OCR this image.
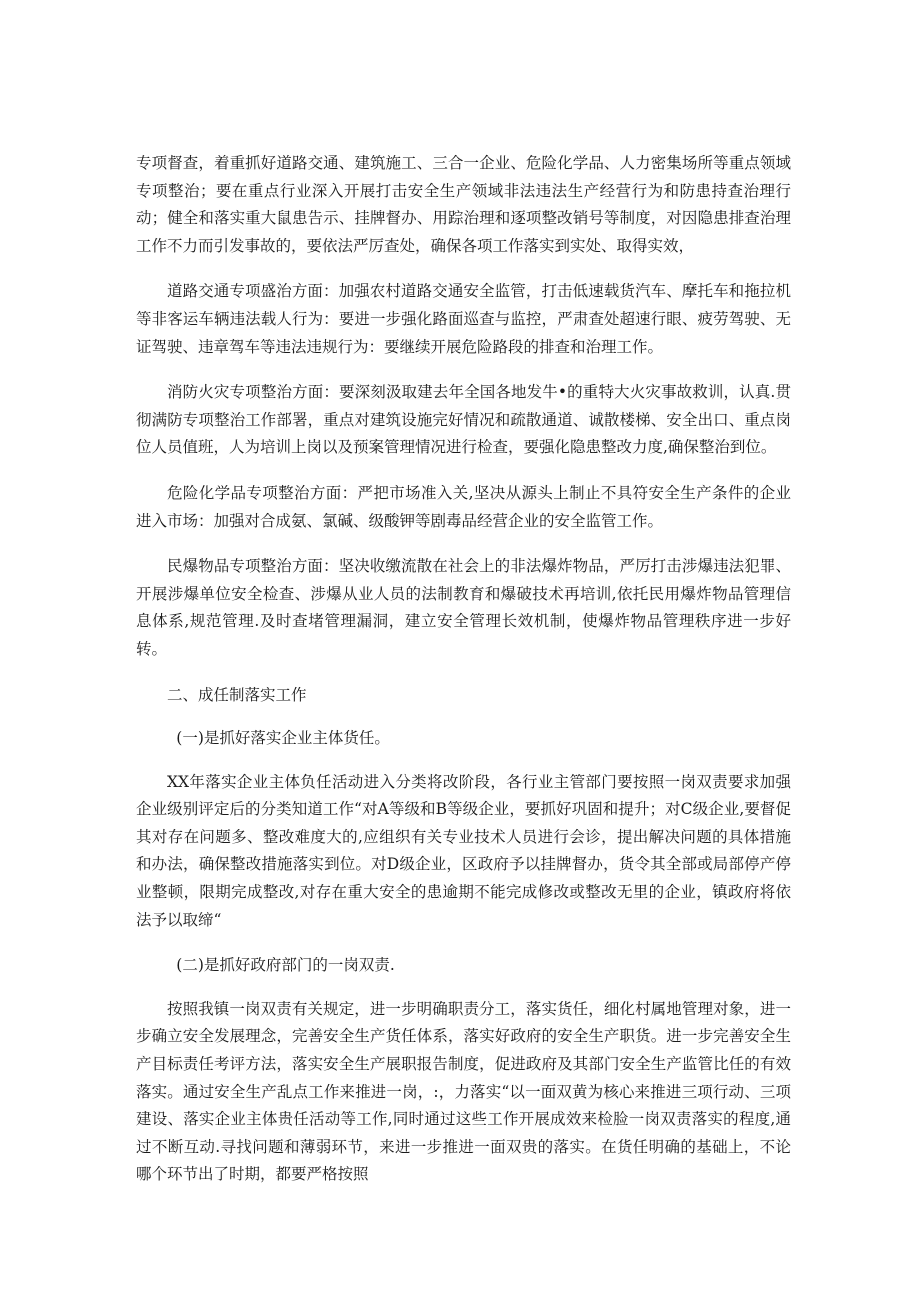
专项督查，着重抓好道路交通、建筑施工、三合一企业、危险化学品、人力密集场所等重点领域专项整治；要在重点行业深入开展打击安全生产领域非法违法生产经营行为和防患持查治理行动；健全和落实重大鼠患告示、挂牌督办、用踪治理和逐项整改销号等制度，对因隐患排查治理工作不力而引发事故的，要依法严厉查处，确保各项工作落实到实处、取得实效，

道路交通专项盛治方面：加强农村道路交通安全监管，打击低速载货汽车、摩托车和拖拉机等非客运车辆违法载人行为：要进一步强化路面巡查与监控，严肃查处超速行眼、疲劳驾驶、无证驾驶、违章驾车等违法违规行为：要继续开展危险路段的排查和治理工作。

消防火灾专项整治方面：要深刻汲取建去年全国各地发牛•的重特大火灾事故救训，认真.贯彻满防专项整治工作部署，重点对建筑设施完好情况和疏散通道、诚散楼梯、安全出口、重点岗位人员值班，人为培训上岗以及预案管理情况进行检查，要强化隐患整改力度,确保整治到位。

危险化学品专项整治方面：严把市场准入关,坚决从源头上制止不具符安全生产条件的企业进入市场：加强对合成氨、氯碱、级酸钾等剧毒品经营企业的安全监管工作。

民爆物品专项整治方面：坚决收缴流散在社会上的非法爆炸物品，严厉打击涉爆违法犯罪、开展涉爆单位安全检查、涉爆从业人员的法制教育和爆破技术再培训,依托民用爆炸物品管理信息体系,规范管理.及时查堵管理漏洞，建立安全管理长效机制，使爆炸物品管理秩序进一步好转。

二、成任制落实工作

(一)是抓好落实企业主体货任。

XX年落实企业主体负任活动进入分类将改阶段，各行业主管部门要按照一岗双责要求加强企业级别评定后的分类知道工作“对A等级和B等级企业，要抓好巩固和提升；对C级企业,要督促其对存在问题多、整改难度大的,应组织有关专业技术人员进行会诊，提出解决问题的具体措施和办法，确保整改措施落实到位。对D级企业，区政府予以挂牌督办，货令其全部或局部停产停业整顿，限期完成整改,对存在重大安全的患逾期不能完成修改或整改无里的企业，镇政府将依法予以取缔“

(二)是抓好政府部门的一岗双责.

按照我镇一岗双责有关规定，进一步明确职责分工，落实货任，细化村属地管理对象，进一步确立安全发展理念，完善安全生产货任体系，落实好政府的安全生产职货。进一步完善安全生产目标责任考评方法，落实安全生产展职报告制度，促进政府及其部门安全生产监管比任的有效落实。通过安全生产乱点工作来推进一岗，:，力落实“以一面双黄为核心来推进三项行动、三项建设、落实企业主体贵任活动等工作,同时通过这些工作开展成效来检脸一岗双责落实的程度,通过不断互动.寻找问题和薄弱环节，来进一步推进一面双贵的落实。在货任明确的基础上，不论哪个环节出了时期，都要严格按照
